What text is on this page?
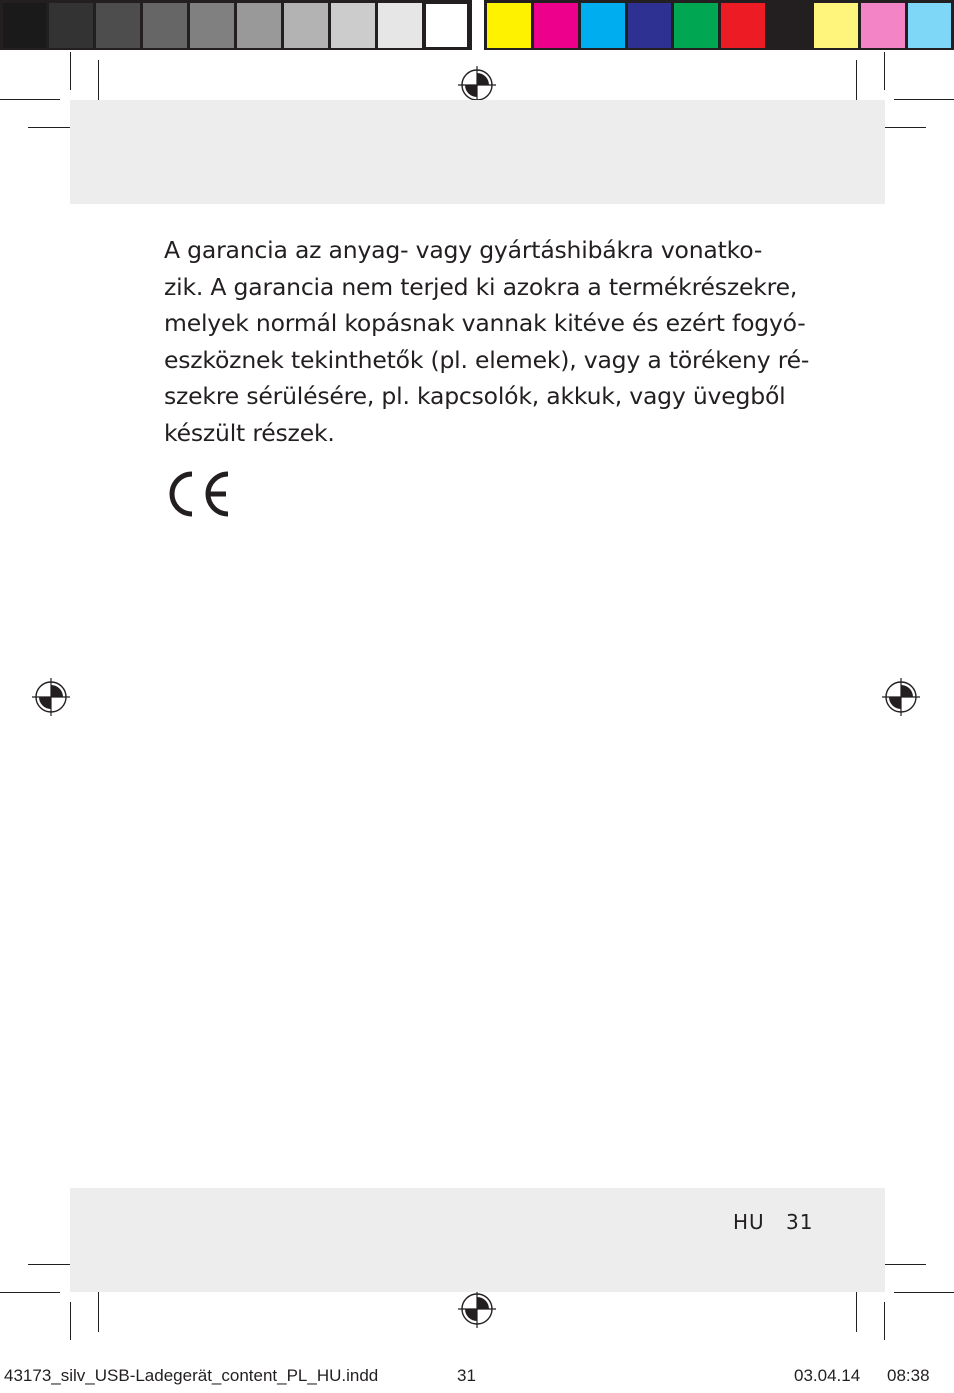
A garancia az anyag- vagy gyártáshibákra vonatko-
zik. A garancia nem terjed ki azokra a termékrészekre,
melyek normál kopásnak vannak kitéve és ezért fogyó-
eszköznek tekinthetők (pl. elemek), vagy a törékeny ré-
szekre sérülésére, pl. kapcsolók, akkuk, vagy üvegből
készült részek.
HU 31
43173_silv_USB-Ladegerät_content_PL_HU.indd	31	03.04.14 08:38
